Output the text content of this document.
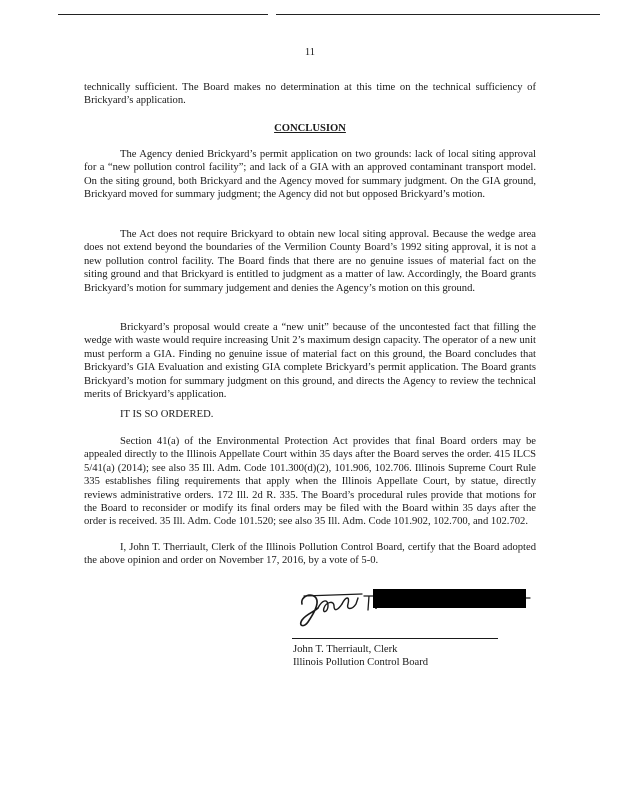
11

technically sufficient. The Board makes no determination at this time on the technical sufficiency of Brickyard’s application.

CONCLUSION

The Agency denied Brickyard’s permit application on two grounds: lack of local siting approval for a “new pollution control facility”; and lack of a GIA with an approved contaminant transport model. On the siting ground, both Brickyard and the Agency moved for summary judgment. On the GIA ground, Brickyard moved for summary judgment; the Agency did not but opposed Brickyard’s motion.

The Act does not require Brickyard to obtain new local siting approval. Because the wedge area does not extend beyond the boundaries of the Vermilion County Board’s 1992 siting approval, it is not a new pollution control facility. The Board finds that there are no genuine issues of material fact on the siting ground and that Brickyard is entitled to judgment as a matter of law. Accordingly, the Board grants Brickyard’s motion for summary judgement and denies the Agency’s motion on this ground.

Brickyard’s proposal would create a “new unit” because of the uncontested fact that filling the wedge with waste would require increasing Unit 2’s maximum design capacity. The operator of a new unit must perform a GIA. Finding no genuine issue of material fact on this ground, the Board concludes that Brickyard’s GIA Evaluation and existing GIA complete Brickyard’s permit application. The Board grants Brickyard’s motion for summary judgment on this ground, and directs the Agency to review the technical merits of Brickyard’s application.

IT IS SO ORDERED.

Section 41(a) of the Environmental Protection Act provides that final Board orders may be appealed directly to the Illinois Appellate Court within 35 days after the Board serves the order. 415 ILCS 5/41(a) (2014); see also 35 Ill. Adm. Code 101.300(d)(2), 101.906, 102.706. Illinois Supreme Court Rule 335 establishes filing requirements that apply when the Illinois Appellate Court, by statue, directly reviews administrative orders. 172 Ill. 2d R. 335. The Board’s procedural rules provide that motions for the Board to reconsider or modify its final orders may be filed with the Board within 35 days after the order is received. 35 Ill. Adm. Code 101.520; see also 35 Ill. Adm. Code 101.902, 102.700, and 102.702.

I, John T. Therriault, Clerk of the Illinois Pollution Control Board, certify that the Board adopted the above opinion and order on November 17, 2016, by a vote of 5-0.

John T. Therriault, Clerk
Illinois Pollution Control Board
